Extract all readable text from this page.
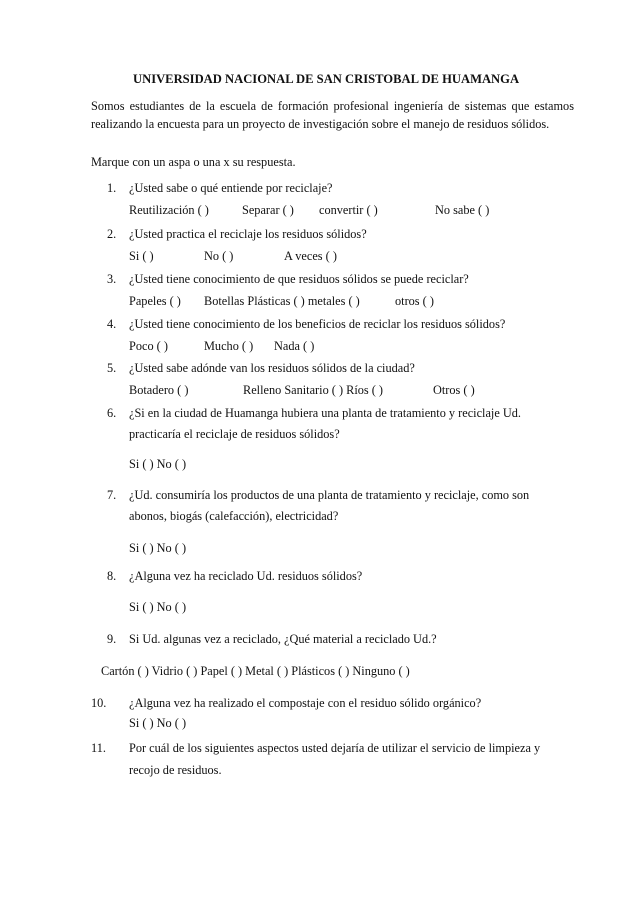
UNIVERSIDAD NACIONAL DE SAN CRISTOBAL DE HUAMANGA
Somos estudiantes de la escuela de formación profesional ingeniería de sistemas que estamos realizando la encuesta para un proyecto de investigación sobre el manejo de residuos sólidos.
Marque con un aspa o una x su respuesta.
1. ¿Usted sabe o qué entiende por reciclaje?
Reutilización ( )	Separar ( ) convertir ( )	No sabe ( )
2. ¿Usted practica el reciclaje los residuos sólidos?
Si ( )	No ( )	A veces ( )
3. ¿Usted tiene conocimiento de que residuos sólidos se puede reciclar?
Papeles ( ) Botellas Plásticas ( ) metales ( )	otros ( )
4. ¿Usted tiene conocimiento de los beneficios de reciclar los residuos sólidos?
Poco ( )	Mucho ( ) Nada ( )
5. ¿Usted sabe adónde van los residuos sólidos de la ciudad?
Botadero ( )	Relleno Sanitario ( ) Ríos ( )	Otros ( )
6. ¿Si en la ciudad de Huamanga hubiera una planta de tratamiento y reciclaje Ud.
practicaría el reciclaje de residuos sólidos?
Si ( ) No ( )
7. ¿Ud. consumiría los productos de una planta de tratamiento y reciclaje, como son
abonos, biogás (calefacción), electricidad?
Si ( ) No ( )
8. ¿Alguna vez ha reciclado Ud. residuos sólidos?
Si ( ) No ( )
9. Si Ud. algunas vez a reciclado, ¿Qué material a reciclado Ud.?
Cartón ( ) Vidrio ( ) Papel ( ) Metal ( ) Plásticos ( ) Ninguno ( )
10. ¿Alguna vez ha realizado el compostaje con el residuo sólido orgánico?
Si ( ) No ( )
11. Por cuál de los siguientes aspectos usted dejaría de utilizar el servicio de limpieza y
recojo de residuos.
